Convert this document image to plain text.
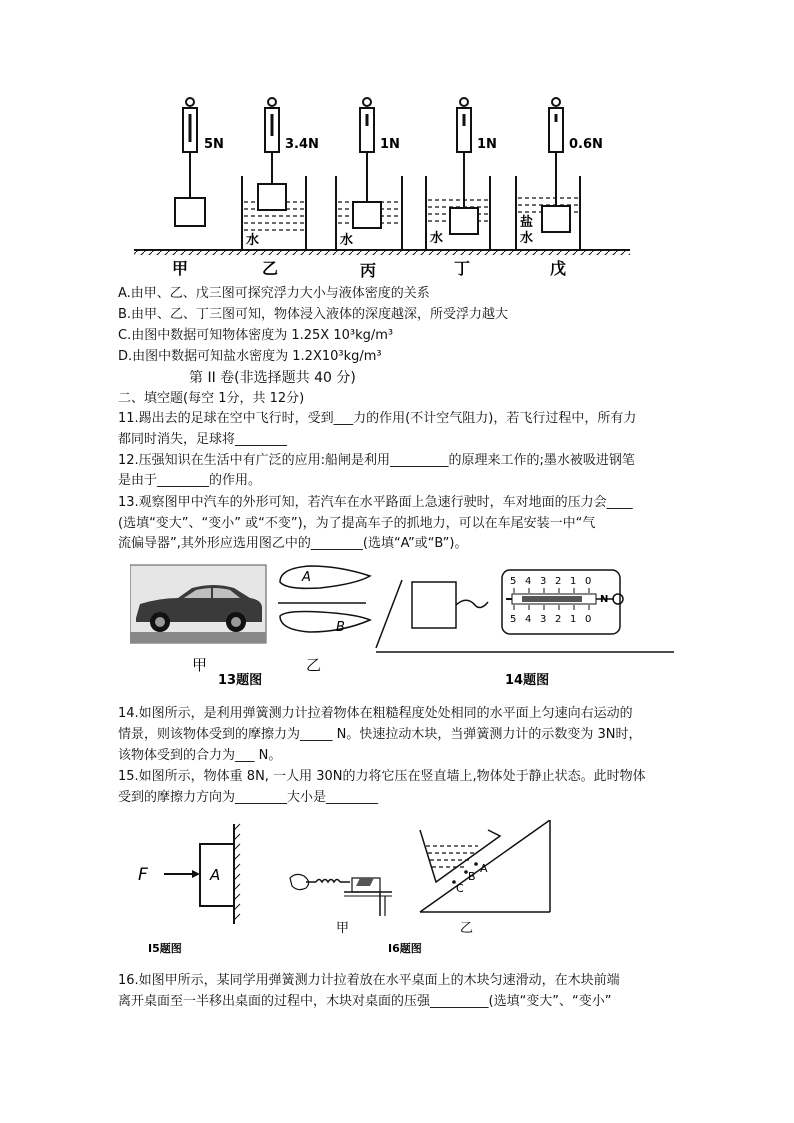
5N	3.4N	1N	1N	0.6N
水	水	水
盐
水
甲	乙	丙	丁	戊
A.由甲、乙、戊三图可探究浮力大小与液体密度的关系
B.由甲、乙、丁三图可知，物体浸入液体的深度越深，所受浮力越大
C.由图中数据可知物体密度为 1.25X 10³kg/m³
D.由图中数据可知盐水密度为 1.2X10³kg/m³
第 II 卷(非选择题共 40 分)
二、填空题(每空 1分，共 12分)
11.踢出去的足球在空中飞行时，受到___力的作用(不计空气阻力)，若飞行过程中，所有力
都同时消失，足球将________
12.压强知识在生活中有广泛的应用:船闸是利用_________的原理来工作的;墨水被吸进钢笔
是由于________的作用。
13.观察图甲中汽车的外形可知，若汽车在水平路面上急速行驶时，车对地面的压力会____
(选填“变大”、“变小” 或“不变”)，为了提高车子的抓地力，可以在车尾安装一中“气
流偏导器”,其外形应选用图乙中的________(选填“A”或“B”)。
A
B
甲	乙
13题图
5 4 3 2 1 0
5 4 3 2 1 0
N
14题图
14.如图所示，是利用弹簧测力计拉着物体在粗糙程度处处相同的水平面上匀速向右运动的
情景，则该物体受到的摩擦力为_____ N。快速拉动木块，当弹簧测力计的示数变为 3N时，
该物体受到的合力为___ N。
15.如图所示，物体重 8N, 一人用 30N的力将它压在竖直墙上,物体处于静止状态。此时物体
受到的摩擦力方向为________大小是________
F	A
I5题图
甲
A
B
C
乙
I6题图
16.如图甲所示，某同学用弹簧测力计拉着放在水平桌面上的木块匀速滑动，在木块前端
离开桌面至一半移出桌面的过程中，木块对桌面的压强_________(选填“变大”、“变小”
